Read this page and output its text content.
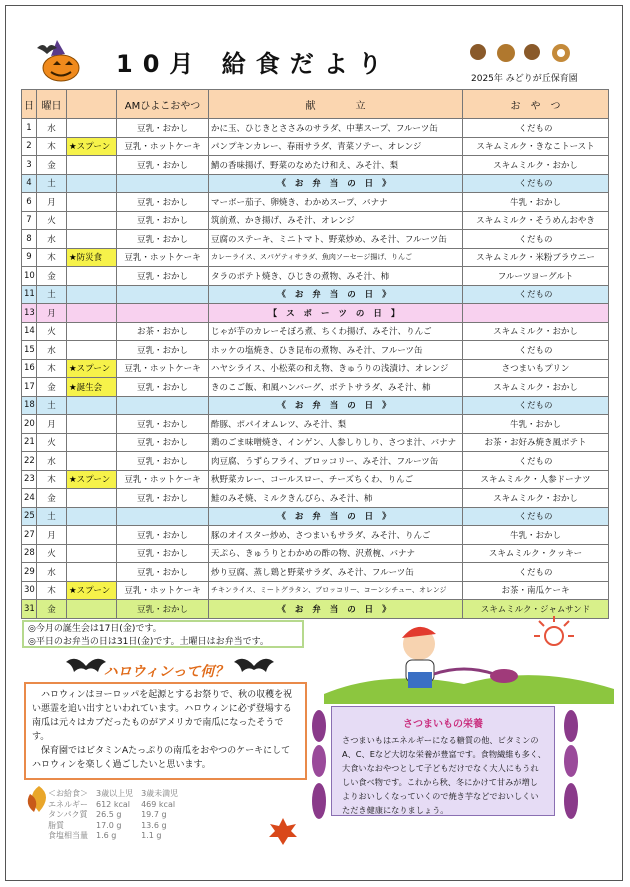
10月 給食だより
2025年 みどりが丘保育園
日	曜日		AMひよこおやつ	献　　　　立	お　や　つ
1	水		豆乳・おかし	かに玉、ひじきとささみのサラダ、中華スープ、フルーツ缶	くだもの
2	木	★スプーン	豆乳・ホットケーキ	パンプキンカレー、春雨サラダ、青菜ソテー、オレンジ	スキムミルク・きなこトースト
3	金		豆乳・おかし	鯖の香味揚げ、野菜のなめたけ和え、みそ汁、梨	スキムミルク・おかし
4	土			《 お 弁 当 の 日 》	くだもの
6	月		豆乳・おかし	マーボー茄子、卵焼き、わかめスープ、バナナ	牛乳・おかし
7	火		豆乳・おかし	筑前煮、かき揚げ、みそ汁、オレンジ	スキムミルク・そうめんおやき
8	水		豆乳・おかし	豆腐のステーキ、ミニトマト、野菜炒め、みそ汁、フルーツ缶	くだもの
9	木	★防災食	豆乳・ホットケーキ	カレーライス、スパゲティサラダ、魚肉ソーセージ揚げ、りんご	スキムミルク・米粉ブラウニー
10	金		豆乳・おかし	タラのポテト焼き、ひじきの煮物、みそ汁、柿	フルーツヨーグルト
11	土			《 お 弁 当 の 日 》	くだもの
13	月			【 ス ポ ー ツ の 日 】	
14	火		お茶・おかし	じゃが芋のカレーそぼろ煮、ちくわ揚げ、みそ汁、りんご	スキムミルク・おかし
15	水		豆乳・おかし	ホッケの塩焼き、ひき昆布の煮物、みそ汁、フルーツ缶	くだもの
16	木	★スプーン	豆乳・ホットケーキ	ハヤシライス、小松菜の和え物、きゅうりの浅漬け、オレンジ	さつまいもプリン
17	金	★誕生会	豆乳・おかし	きのこご飯、和風ハンバーグ、ポテトサラダ、みそ汁、柿	スキムミルク・おかし
18	土			《 お 弁 当 の 日 》	くだもの
20	月		豆乳・おかし	酢豚、ポパイオムレツ、みそ汁、梨	牛乳・おかし
21	火		豆乳・おかし	鶏のごま味噌焼き、インゲン、人参しりしり、さつま汁、バナナ	お茶・お好み焼き風ポテト
22	水		豆乳・おかし	肉豆腐、うずらフライ、ブロッコリー、みそ汁、フルーツ缶	くだもの
23	木	★スプーン	豆乳・ホットケーキ	秋野菜カレー、コールスロー、チーズちくわ、りんご	スキムミルク・人参ドーナツ
24	金		豆乳・おかし	鮭のみそ焼、ミルクきんぴら、みそ汁、柿	スキムミルク・おかし
25	土			《 お 弁 当 の 日 》	くだもの
27	月		豆乳・おかし	豚のオイスター炒め、さつまいもサラダ、みそ汁、りんご	牛乳・おかし
28	火		豆乳・おかし	天ぷら、きゅうりとわかめの酢の物、沢煮椀、バナナ	スキムミルク・クッキー
29	水		豆乳・おかし	炒り豆腐、蒸し鶏と野菜サラダ、みそ汁、フルーツ缶	くだもの
30	木	★スプーン	豆乳・ホットケーキ	チキンライス、ミートグラタン、ブロッコリー、コーンシチュー、オレンジ	お茶・南瓜ケーキ
31	金		豆乳・おかし	《 お 弁 当 の 日 》	スキムミルク・ジャムサンド
◎今月の誕生会は17日(金)です。
◎平日のお弁当の日は31日(金)です。土曜日はお弁当です。
ハロウィンって何？
ハロウィンはヨーロッパを起源とするお祭りで、秋の収穫を祝い悪霊を追い出すといわれています。ハロウィンに必ず登場する南瓜は元々はカブだったものがアメリカで南瓜になったそうです。
保育園ではビタミンAたっぷりの南瓜をおやつのケーキにしてハロウィンを楽しく過ごしたいと思います。
＜お給食＞	3歳以上児	3歳未満児
エネルギー	612 kcal	469 kcal
タンパク質	26.5 g	19.7 g
脂質	17.0 g	13.6 g
食塩相当量	1.6 g	1.1 g
さつまいもの栄養
さつまいもはエネルギーになる糖質の他、ビタミンのA、C、Eなど大切な栄養が豊富です。食物繊維も多く、大食いなおやつとして子どもだけでなく大人にもうれしい食べ物です。これから秋、冬にかけて甘みが増しよりおいしくなっていくので焼き芋などでおいしくいただき健康になりましょう。
